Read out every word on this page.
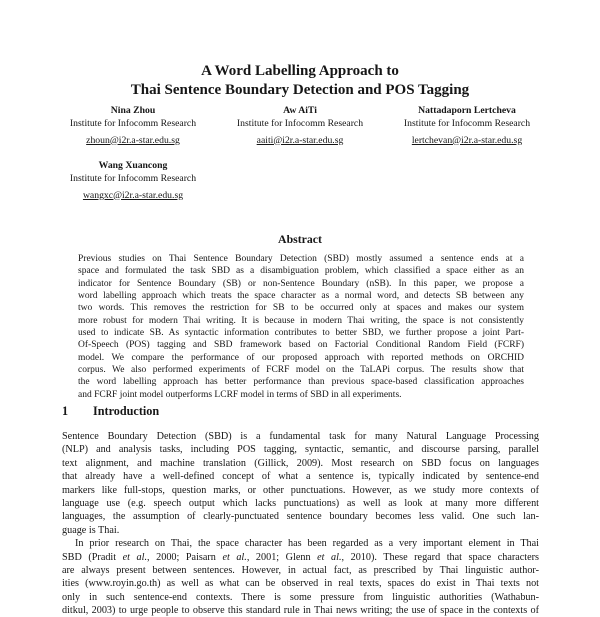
A Word Labelling Approach to
Thai Sentence Boundary Detection and POS Tagging
Nina Zhou
Institute for Infocomm Research
zhoun@i2r.a-star.edu.sg
Aw AiTi
Institute for Infocomm Research
aaiti@i2r.a-star.edu.sg
Nattadaporn Lertcheva
Institute for Infocomm Research
lertchevan@i2r.a-star.edu.sg
Wang Xuancong
Institute for Infocomm Research
wangxc@i2r.a-star.edu.sg
Abstract
Previous studies on Thai Sentence Boundary Detection (SBD) mostly assumed a sentence ends at a
space and formulated the task SBD as a disambiguation problem, which classified a space either as an
indicator for Sentence Boundary (SB) or non-Sentence Boundary (nSB). In this paper, we propose a
word labelling approach which treats the space character as a normal word, and detects SB between any
two words. This removes the restriction for SB to be occurred only at spaces and makes our system
more robust for modern Thai writing. It is because in modern Thai writing, the space is not consistently
used to indicate SB. As syntactic information contributes to better SBD, we further propose a joint Part-
Of-Speech (POS) tagging and SBD framework based on Factorial Conditional Random Field (FCRF)
model. We compare the performance of our proposed approach with reported methods on ORCHID
corpus. We also performed experiments of FCRF model on the TaLAPi corpus. The results show that
the word labelling approach has better performance than previous space-based classification approaches
and FCRF joint model outperforms LCRF model in terms of SBD in all experiments.
1 Introduction
Sentence Boundary Detection (SBD) is a fundamental task for many Natural Language Processing
(NLP) and analysis tasks, including POS tagging, syntactic, semantic, and discourse parsing, parallel
text alignment, and machine translation (Gillick, 2009). Most research on SBD focus on languages
that already have a well-defined concept of what a sentence is, typically indicated by sentence-end
markers like full-stops, question marks, or other punctuations. However, as we study more contexts of
language use (e.g. speech output which lacks punctuations) as well as look at many more different
languages, the assumption of clearly-punctuated sentence boundary becomes less valid. One such lan-
guage is Thai.
In prior research on Thai, the space character has been regarded as a very important element in Thai
SBD (Pradit et al., 2000; Paisarn et al., 2001; Glenn et al., 2010). These regard that space characters
are always present between sentences. However, in actual fact, as prescribed by Thai linguistic author-
ities (www.royin.go.th) as well as what can be observed in real texts, spaces do exist in Thai texts not
only in such sentence-end contexts. There is some pressure from linguistic authorities (Wathabun-
ditkul, 2003) to urge people to observe this standard rule in Thai news writing; the use of space in the contexts of
